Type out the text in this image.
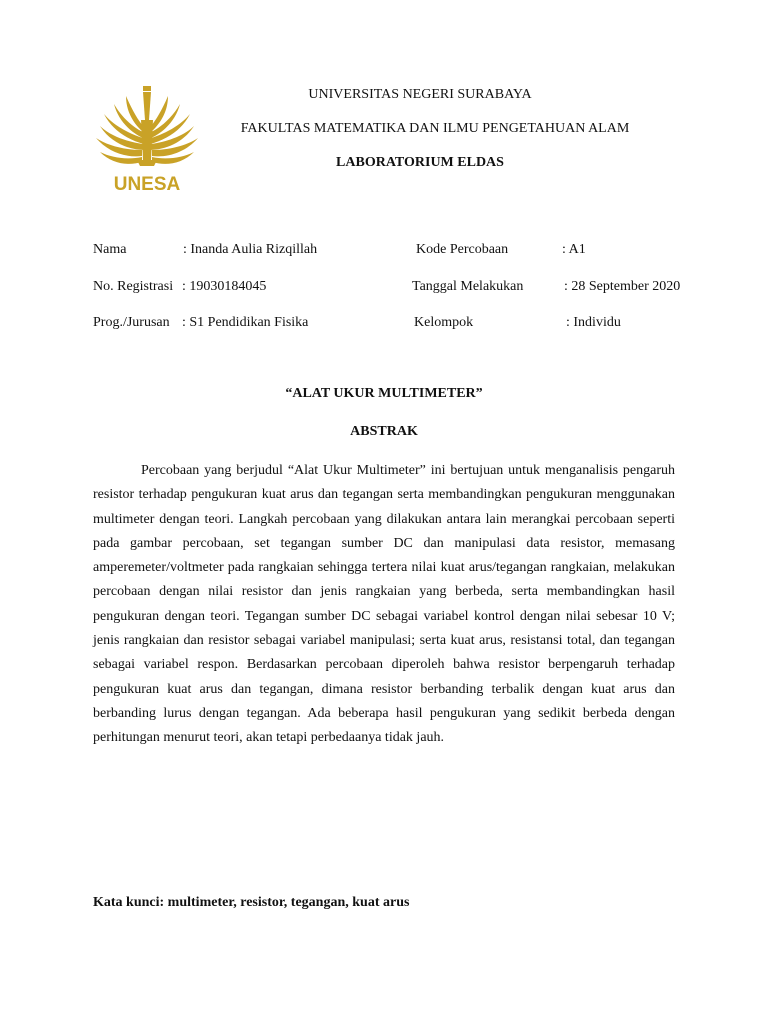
UNESA
UNIVERSITAS NEGERI SURABAYA
FAKULTAS MATEMATIKA DAN ILMU PENGETAHUAN ALAM
LABORATORIUM ELDAS
Nama	: Inanda Aulia Rizqillah	Kode Percobaan	: A1
No. Registrasi : 19030184045	Tanggal Melakukan	: 28 September 2020
Prog./Jurusan : S1 Pendidikan Fisika	Kelompok	: Individu
“ALAT UKUR MULTIMETER”
ABSTRAK

Percobaan yang berjudul “Alat Ukur Multimeter” ini bertujuan untuk menganalisis pengaruh resistor terhadap pengukuran kuat arus dan tegangan serta membandingkan pengukuran menggunakan multimeter dengan teori. Langkah percobaan yang dilakukan antara lain merangkai percobaan seperti pada gambar percobaan, set tegangan sumber DC dan manipulasi data resistor, memasang amperemeter/voltmeter pada rangkaian sehingga tertera nilai kuat arus/tegangan rangkaian, melakukan percobaan dengan nilai resistor dan jenis rangkaian yang berbeda, serta membandingkan hasil pengukuran dengan teori. Tegangan sumber DC sebagai variabel kontrol dengan nilai sebesar 10 V; jenis rangkaian dan resistor sebagai variabel manipulasi; serta kuat arus, resistansi total, dan tegangan sebagai variabel respon. Berdasarkan percobaan diperoleh bahwa resistor berpengaruh terhadap pengukuran kuat arus dan tegangan, dimana resistor berbanding terbalik dengan kuat arus dan berbanding lurus dengan tegangan. Ada beberapa hasil pengukuran yang sedikit berbeda dengan perhitungan menurut teori, akan tetapi perbedaanya tidak jauh.

Kata kunci: multimeter, resistor, tegangan, kuat arus
